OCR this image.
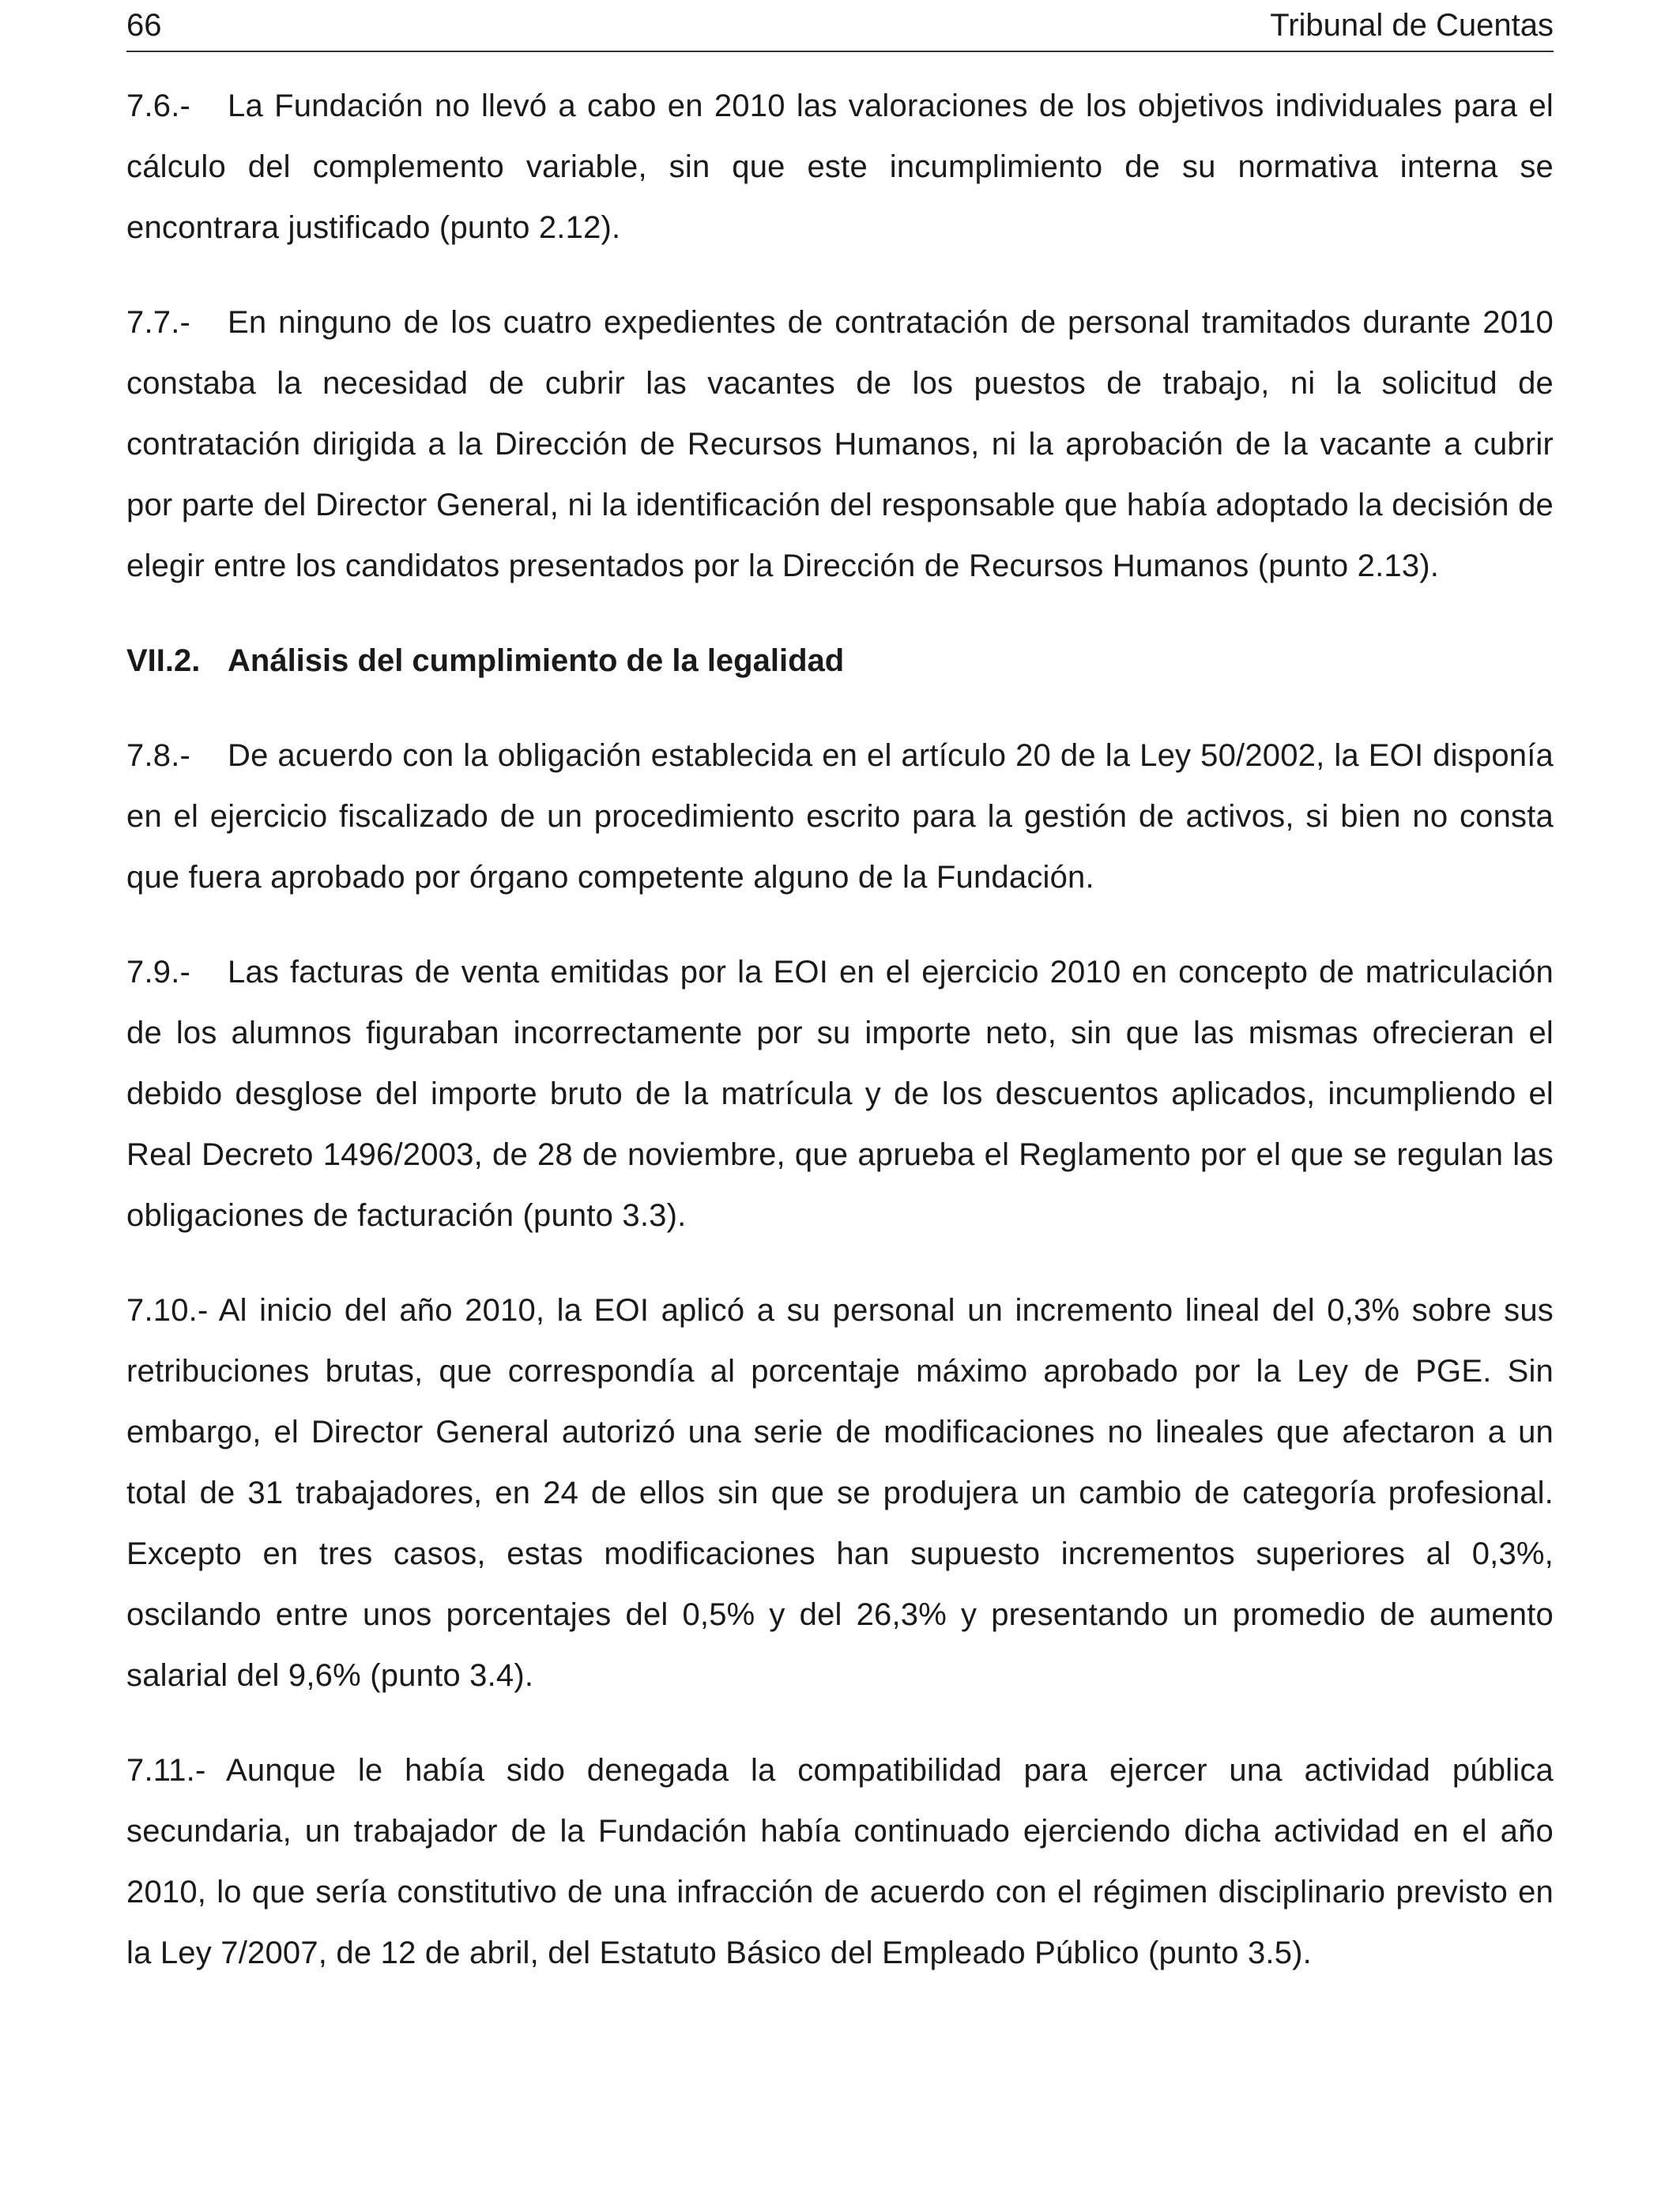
66	Tribunal de Cuentas

7.6.- La Fundación no llevó a cabo en 2010 las valoraciones de los objetivos individuales para el cálculo del complemento variable, sin que este incumplimiento de su normativa interna se encontrara justificado (punto 2.12).

7.7.- En ninguno de los cuatro expedientes de contratación de personal tramitados durante 2010 constaba la necesidad de cubrir las vacantes de los puestos de trabajo, ni la solicitud de contratación dirigida a la Dirección de Recursos Humanos, ni la aprobación de la vacante a cubrir por parte del Director General, ni la identificación del responsable que había adoptado la decisión de elegir entre los candidatos presentados por la Dirección de Recursos Humanos (punto 2.13).

VII.2. Análisis del cumplimiento de la legalidad

7.8.- De acuerdo con la obligación establecida en el artículo 20 de la Ley 50/2002, la EOI disponía en el ejercicio fiscalizado de un procedimiento escrito para la gestión de activos, si bien no consta que fuera aprobado por órgano competente alguno de la Fundación.

7.9.- Las facturas de venta emitidas por la EOI en el ejercicio 2010 en concepto de matriculación de los alumnos figuraban incorrectamente por su importe neto, sin que las mismas ofrecieran el debido desglose del importe bruto de la matrícula y de los descuentos aplicados, incumpliendo el Real Decreto 1496/2003, de 28 de noviembre, que aprueba el Reglamento por el que se regulan las obligaciones de facturación (punto 3.3).

7.10.- Al inicio del año 2010, la EOI aplicó a su personal un incremento lineal del 0,3% sobre sus retribuciones brutas, que correspondía al porcentaje máximo aprobado por la Ley de PGE. Sin embargo, el Director General autorizó una serie de modificaciones no lineales que afectaron a un total de 31 trabajadores, en 24 de ellos sin que se produjera un cambio de categoría profesional. Excepto en tres casos, estas modificaciones han supuesto incrementos superiores al 0,3%, oscilando entre unos porcentajes del 0,5% y del 26,3% y presentando un promedio de aumento salarial del 9,6% (punto 3.4).

7.11.- Aunque le había sido denegada la compatibilidad para ejercer una actividad pública secundaria, un trabajador de la Fundación había continuado ejerciendo dicha actividad en el año 2010, lo que sería constitutivo de una infracción de acuerdo con el régimen disciplinario previsto en la Ley 7/2007, de 12 de abril, del Estatuto Básico del Empleado Público (punto 3.5).
